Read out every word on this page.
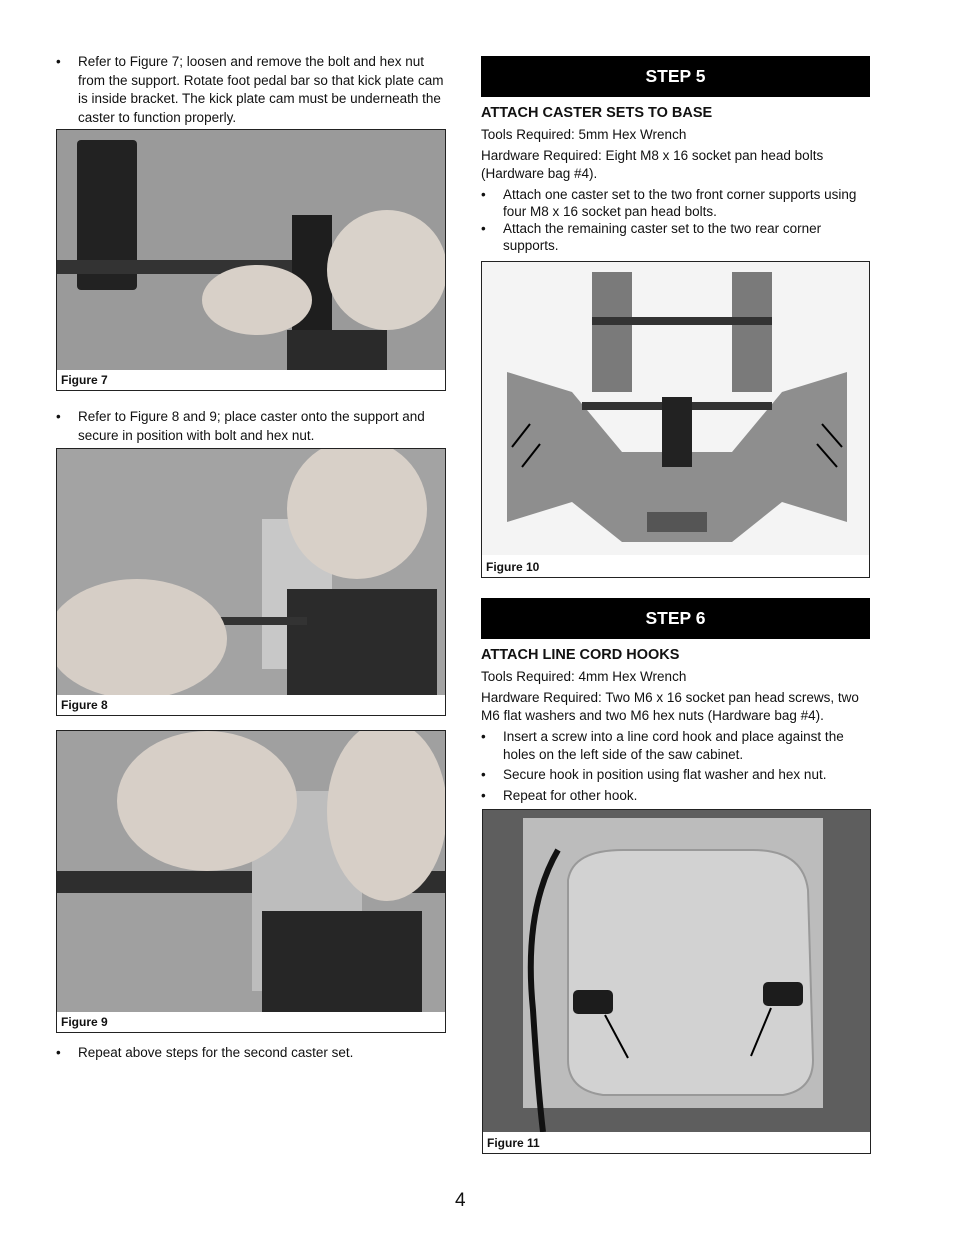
•	Refer to Figure 7; loosen and remove the bolt and hex nut from the support. Rotate foot pedal bar so that kick plate cam is inside bracket. The kick plate cam must be underneath the caster to function properly.
Figure 7
•	Refer to Figure 8 and 9; place caster onto the support and secure in position with bolt and hex nut.
Figure 8
Figure 9
•	Repeat above steps for the second caster set.
STEP 5
ATTACH CASTER SETS TO BASE
Tools Required: 5mm Hex Wrench
Hardware Required: Eight M8 x 16 socket pan head bolts (Hardware bag #4).
•	Attach one caster set to the two front corner supports using four M8 x 16 socket pan head bolts.
•	Attach the remaining caster set to the two rear corner supports.
Figure 10
STEP 6
ATTACH LINE CORD HOOKS
Tools Required: 4mm Hex Wrench
Hardware Required: Two M6 x 16 socket pan head screws, two M6 flat washers and two M6 hex nuts (Hardware bag #4).
•	Insert a screw into a line cord hook and place against the holes on the left side of the saw cabinet.
•	Secure hook in position using flat washer and hex nut.
•	Repeat for other hook.
Figure 11
4
